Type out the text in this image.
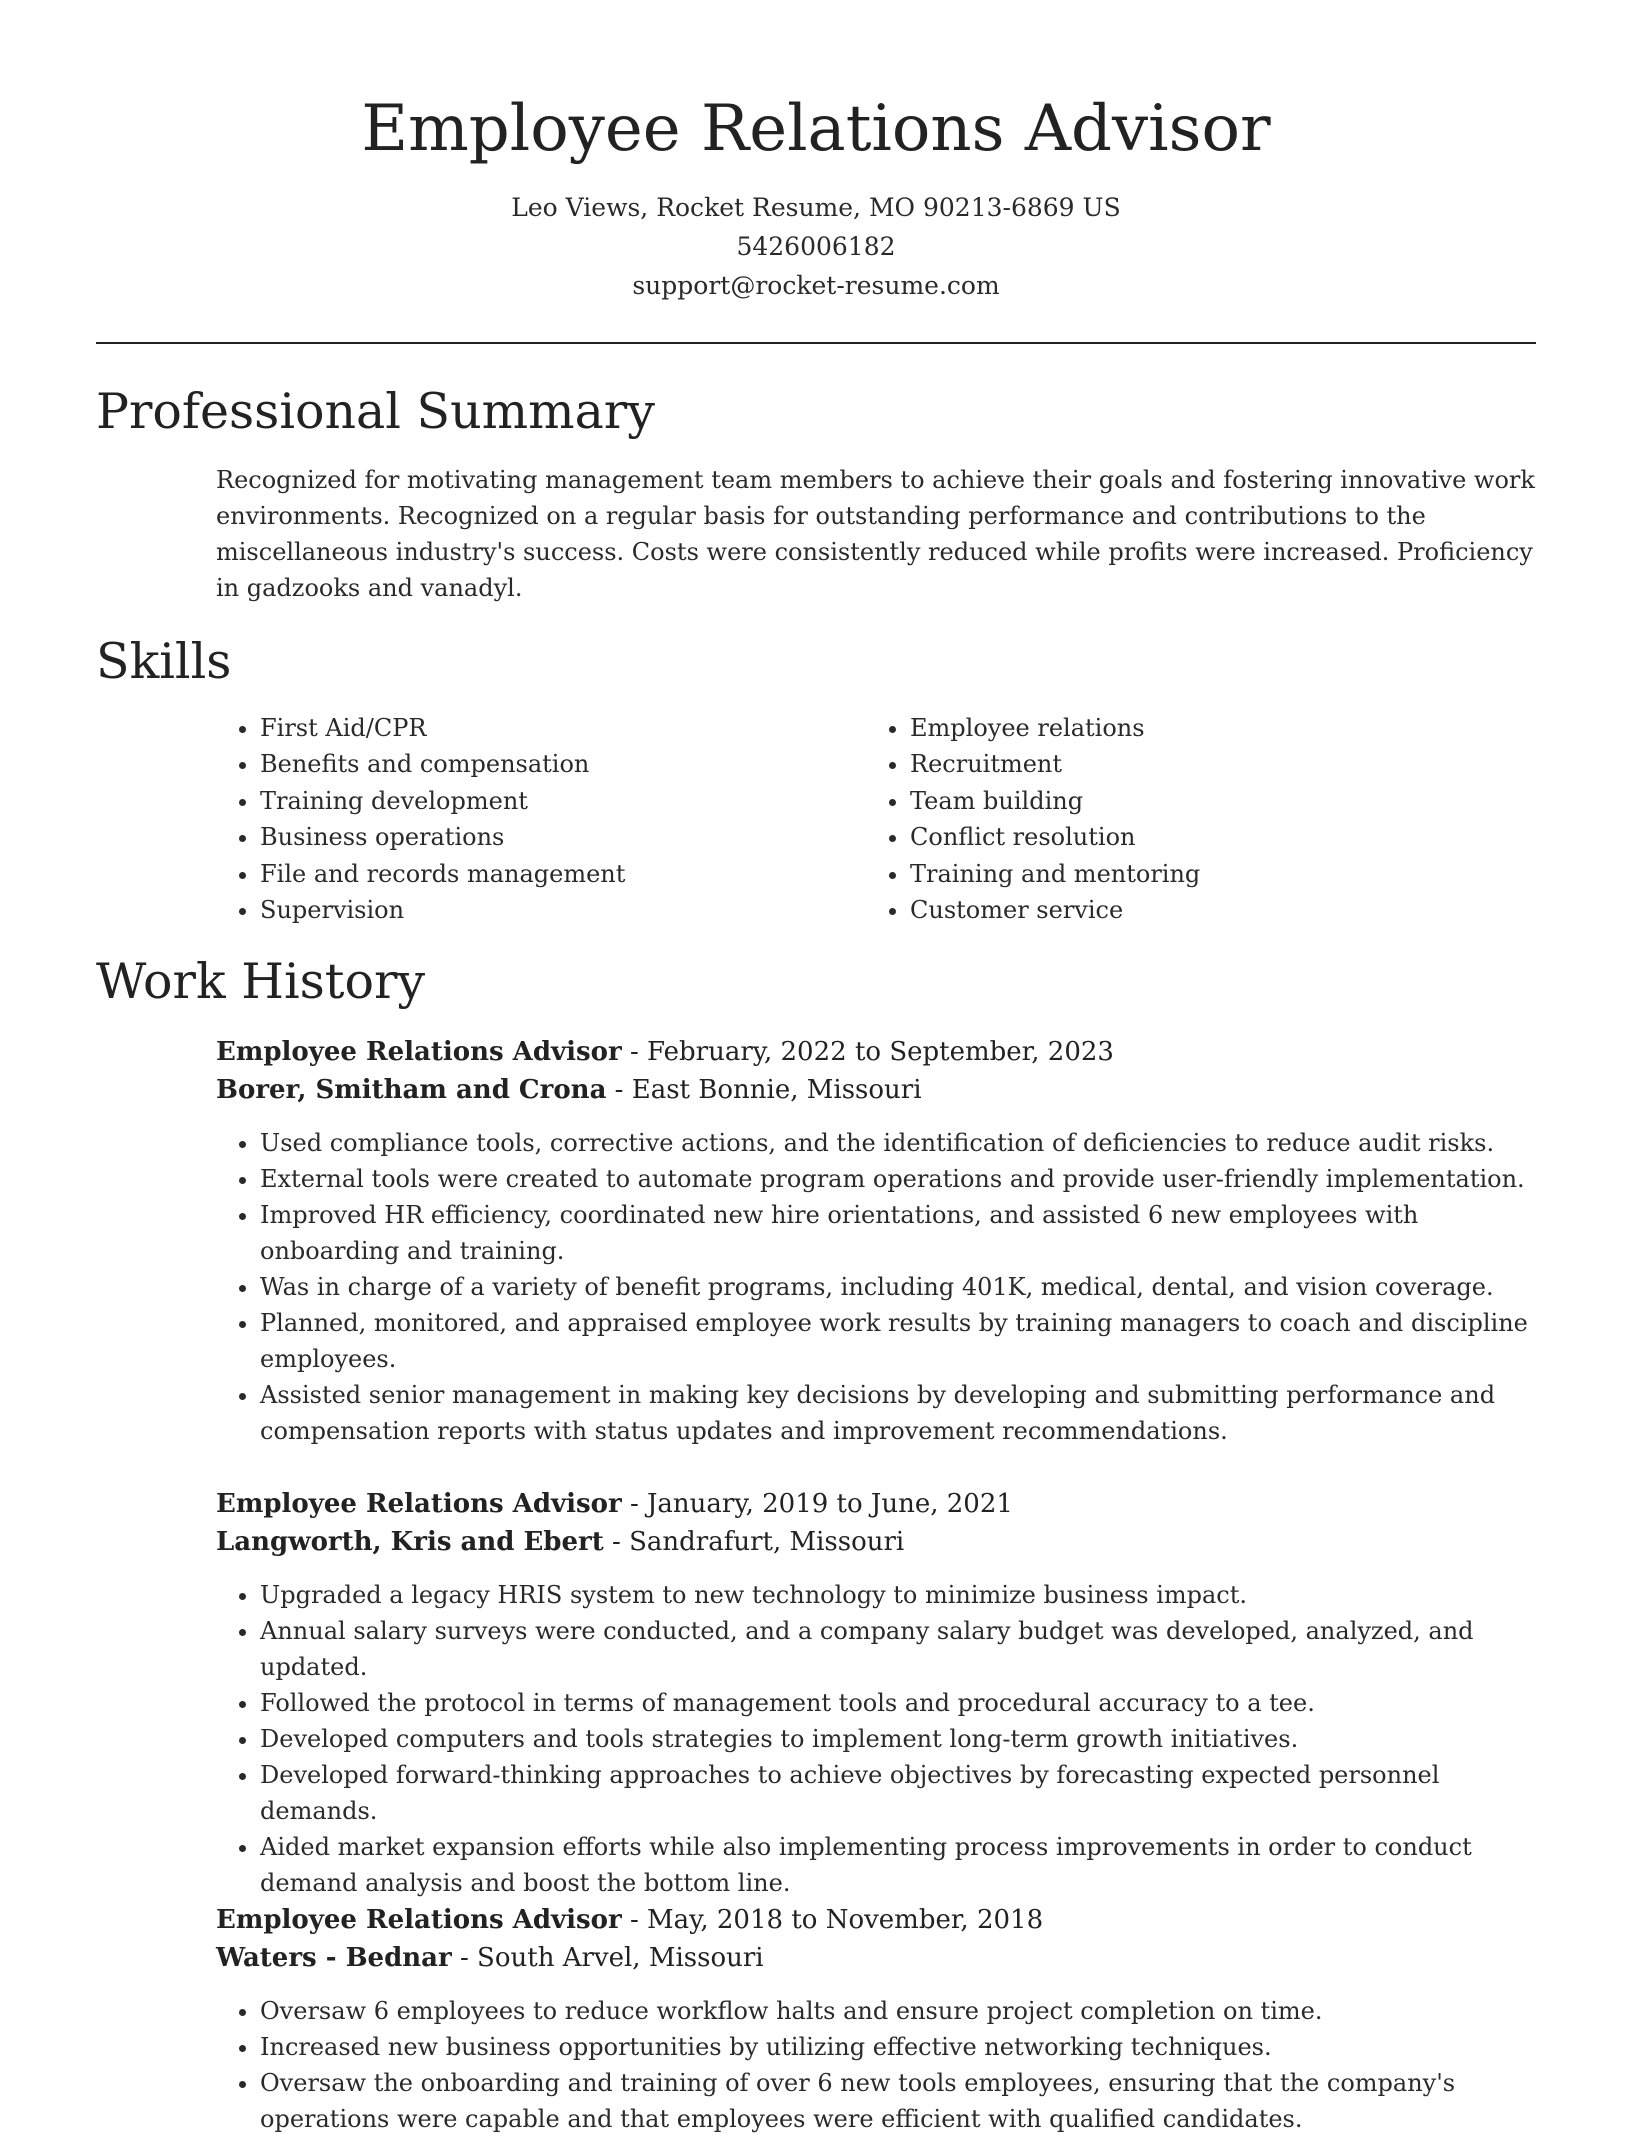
Employee Relations Advisor
Leo Views, Rocket Resume, MO 90213-6869 US
5426006182
support@rocket-resume.com
Professional Summary

Recognized for motivating management team members to achieve their goals and fostering innovative work environments. Recognized on a regular basis for outstanding performance and contributions to the miscellaneous industry's success. Costs were consistently reduced while profits were increased. Proficiency in gadzooks and vanadyl.

Skills
• First Aid/CPR
• Benefits and compensation
• Training development
• Business operations
• File and records management
• Supervision
• Employee relations
• Recruitment
• Team building
• Conflict resolution
• Training and mentoring
• Customer service
Work History

Employee Relations Advisor - February, 2022 to September, 2023

Borer, Smitham and Crona - East Bonnie, Missouri

• Used compliance tools, corrective actions, and the identification of deficiencies to reduce audit risks.
• External tools were created to automate program operations and provide user-friendly implementation.
• Improved HR efficiency, coordinated new hire orientations, and assisted 6 new employees with onboarding and training.
• Was in charge of a variety of benefit programs, including 401K, medical, dental, and vision coverage.
• Planned, monitored, and appraised employee work results by training managers to coach and discipline employees.
• Assisted senior management in making key decisions by developing and submitting performance and compensation reports with status updates and improvement recommendations.

Employee Relations Advisor - January, 2019 to June, 2021

Langworth, Kris and Ebert - Sandrafurt, Missouri

• Upgraded a legacy HRIS system to new technology to minimize business impact.
• Annual salary surveys were conducted, and a company salary budget was developed, analyzed, and updated.
• Followed the protocol in terms of management tools and procedural accuracy to a tee.
• Developed computers and tools strategies to implement long-term growth initiatives.
• Developed forward-thinking approaches to achieve objectives by forecasting expected personnel demands.
• Aided market expansion efforts while also implementing process improvements in order to conduct demand analysis and boost the bottom line.

Employee Relations Advisor - May, 2018 to November, 2018

Waters - Bednar - South Arvel, Missouri

• Oversaw 6 employees to reduce workflow halts and ensure project completion on time.
• Increased new business opportunities by utilizing effective networking techniques.
• Oversaw the onboarding and training of over 6 new tools employees, ensuring that the company's operations were capable and that employees were efficient with qualified candidates.
